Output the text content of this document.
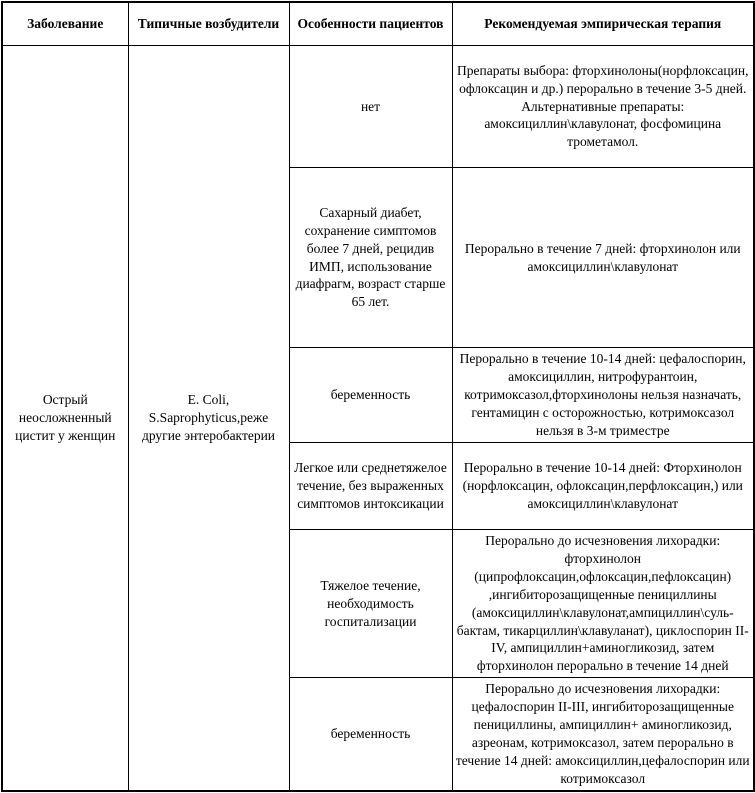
Заболевание	Типичные возбудители	Особенности пациентов	Рекомендуемая эмпирическая терапия
Острый неосложненный цистит у женщин	E. Coli, S.Saprophyticus,реже другие энтеробактерии	нет	Препараты выбора: фторхинолоны(норфлоксацин, офлоксацин и др.) перорально в течение 3-5 дней. Альтернативные препараты: амоксициллин\клавулонат, фосфомицина трометамол.
		Сахарный диабет, сохранение симптомов более 7 дней, рецидив ИМП, использование диафрагм, возраст старше 65 лет.	Перорально в течение 7 дней: фторхинолон или амоксициллин\клавулонат
		беременность	Перорально в течение 10-14 дней: цефалоспорин, амоксициллин, нитрофурантоин, котримоксазол,фторхинолоны нельзя назначать, гентамицин с осторожностью, котримоксазол нельзя в 3-м триместре
		Легкое или среднетяжелое течение, без выраженных симптомов интоксикации	Перорально в течение 10-14 дней: Фторхинолон (норфлоксацин, офлоксацин,перфлоксацин,) или амоксициллин\клавулонат
		Тяжелое течение, необходимость госпитализации	Перорально до исчезновения лихорадки: фторхинолон (ципрофлоксацин,офлоксацин,пефлоксацин) ,ингибиторозащищенные пенициллины (амоксициллин\клавулонат,ампициллин\суль-бактам, тикарциллин\клавуланат), циклоспорин II-IV, ампициллин+аминогликозид, затем фторхинолон перорально в течение 14 дней
		беременность	Перорально до исчезновения лихорадки: цефалоспорин II-III, ингибиторозащищенные пенициллины, ампициллин+ аминогликозид, азреонам, котримоксазол, затем перорально в течение 14 дней: амоксициллин,цефалоспорин или котримоксазол
